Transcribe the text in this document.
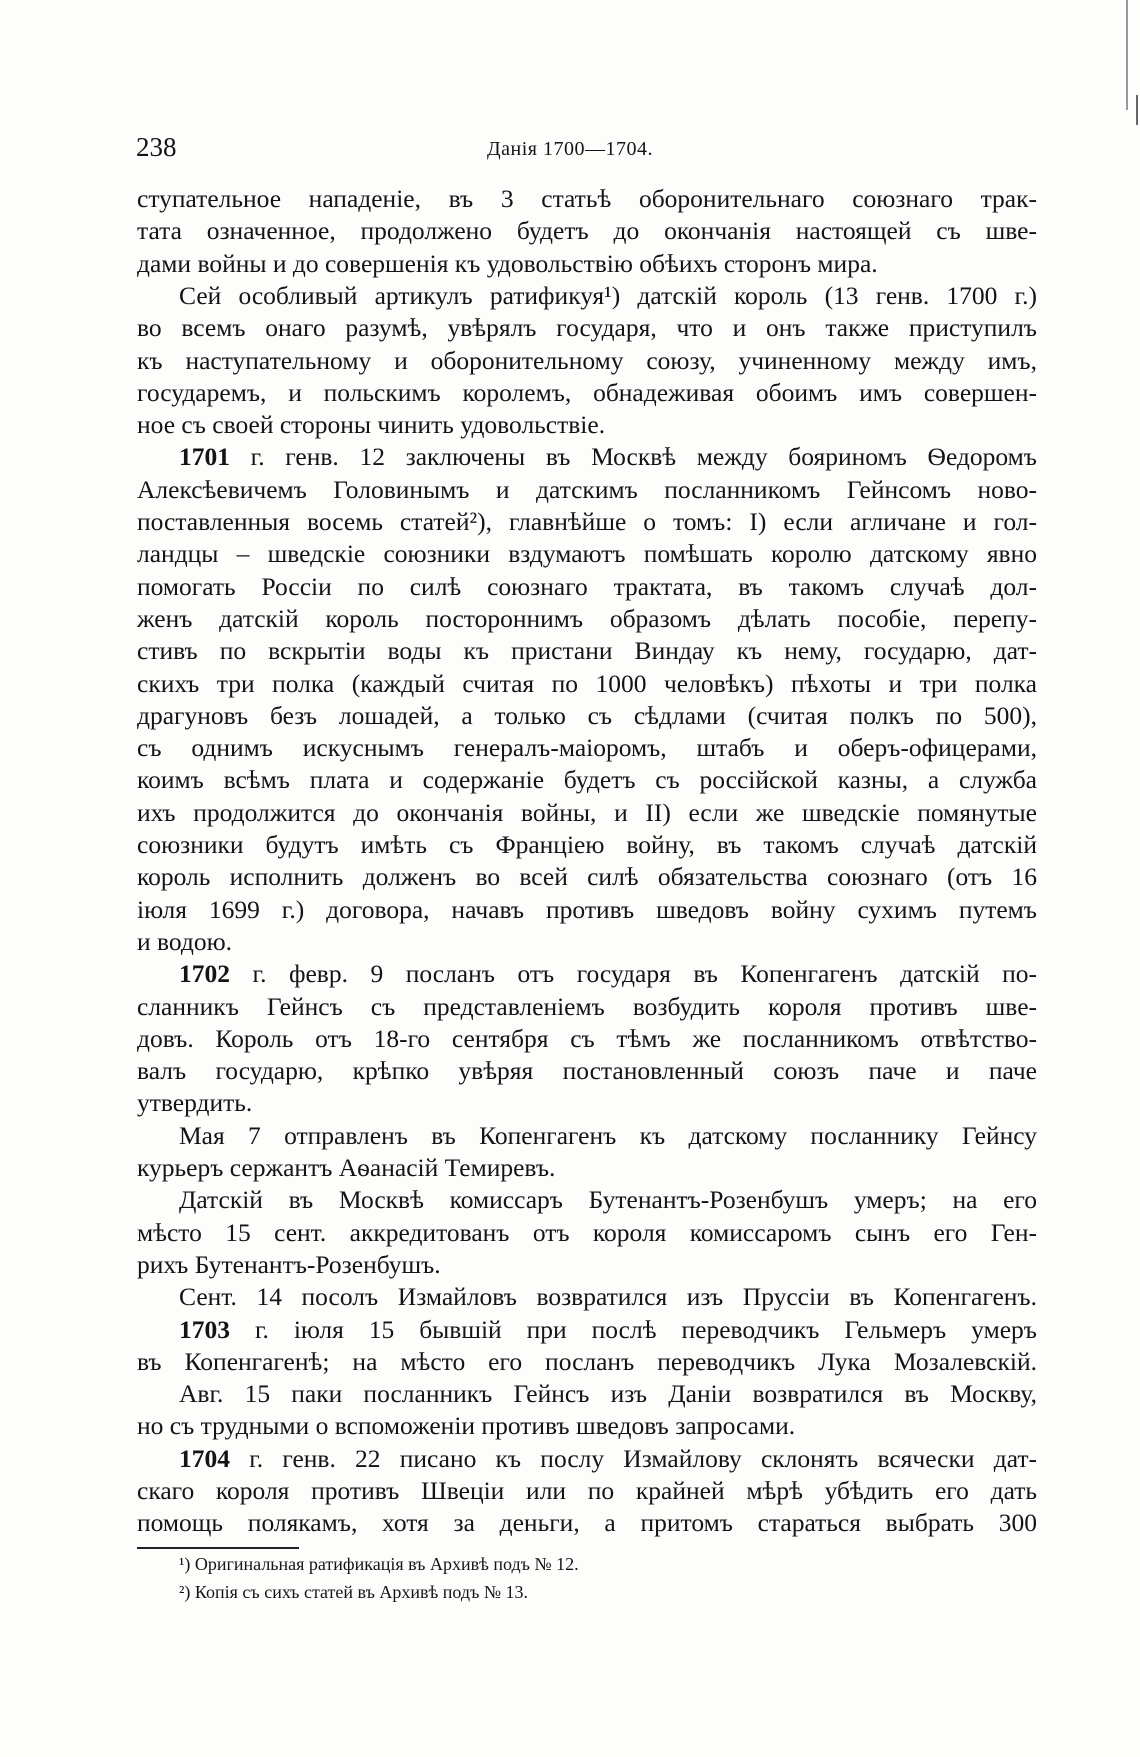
238	Данія 1700—1704.
ступательное нападеніе, въ 3 статьѣ оборонительнаго союзнаго трак-
тата означенное, продолжено будетъ до окончанія настоящей съ шве-
дами войны и до совершенія къ удовольствію обѣихъ сторонъ мира.
Сей особливый артикулъ ратификуя¹) датскій король (13 генв. 1700 г.)
во всемъ онаго разумѣ, увѣрялъ государя, что и онъ также приступилъ
къ наступательному и оборонительному союзу, учиненному между имъ,
государемъ, и польскимъ королемъ, обнадеживая обоимъ имъ совершен-
ное съ своей стороны чинить удовольствіе.
1701 г. генв. 12 заключены въ Москвѣ между бояриномъ Ѳедоромъ
Алексѣевичемъ Головинымъ и датскимъ посланникомъ Гейнсомъ ново-
поставленныя восемь статей²), главнѣйше о томъ: I) если агличане и гол-
ландцы – шведскіе союзники вздумаютъ помѣшать королю датскому явно
помогать Россіи по силѣ союзнаго трактата, въ такомъ случаѣ дол-
женъ датскій король постороннимъ образомъ дѣлать пособіе, перепу-
стивъ по вскрытіи воды къ пристани Виндау къ нему, государю, дат-
скихъ три полка (каждый считая по 1000 человѣкъ) пѣхоты и три полка
драгуновъ безъ лошадей, а только съ сѣдлами (считая полкъ по 500),
съ однимъ искуснымъ генералъ-маіоромъ, штабъ и оберъ-офицерами,
коимъ всѣмъ плата и содержаніе будетъ съ россійской казны, а служба
ихъ продолжится до окончанія войны, и II) если же шведскіе помянутые
союзники будутъ имѣть съ Франціею войну, въ такомъ случаѣ датскій
король исполнить долженъ во всей силѣ обязательства союзнаго (отъ 16
іюля 1699 г.) договора, начавъ противъ шведовъ войну сухимъ путемъ
и водою.
1702 г. февр. 9 посланъ отъ государя въ Копенгагенъ датскій по-
сланникъ Гейнсъ съ представленіемъ возбудить короля противъ шве-
довъ. Король отъ 18-го сентября съ тѣмъ же посланникомъ отвѣтство-
валъ государю, крѣпко увѣряя постановленный союзъ паче и паче
утвердить.
Мая 7 отправленъ въ Копенгагенъ къ датскому посланнику Гейнсу
курьеръ сержантъ Аѳанасій Темиревъ.
Датскій въ Москвѣ комиссаръ Бутенантъ-Розенбушъ умеръ; на его
мѣсто 15 сент. аккредитованъ отъ короля комиссаромъ сынъ его Ген-
рихъ Бутенантъ-Розенбушъ.
Сент. 14 посолъ Измайловъ возвратился изъ Пруссіи въ Копенгагенъ.
1703 г. іюля 15 бывшій при послѣ переводчикъ Гельмеръ умеръ
въ Копенгагенѣ; на мѣсто его посланъ переводчикъ Лука Мозалевскій.
Авг. 15 паки посланникъ Гейнсъ изъ Даніи возвратился въ Москву,
но съ трудными о вспоможеніи противъ шведовъ запросами.
1704 г. генв. 22 писано къ послу Измайлову склонять всячески дат-
скаго короля противъ Швеціи или по крайней мѣрѣ убѣдить его дать
помощь полякамъ, хотя за деньги, а притомъ стараться выбрать 300
¹) Оригинальная ратификація въ Архивѣ подъ № 12.
²) Копія съ сихъ статей въ Архивѣ подъ № 13.
